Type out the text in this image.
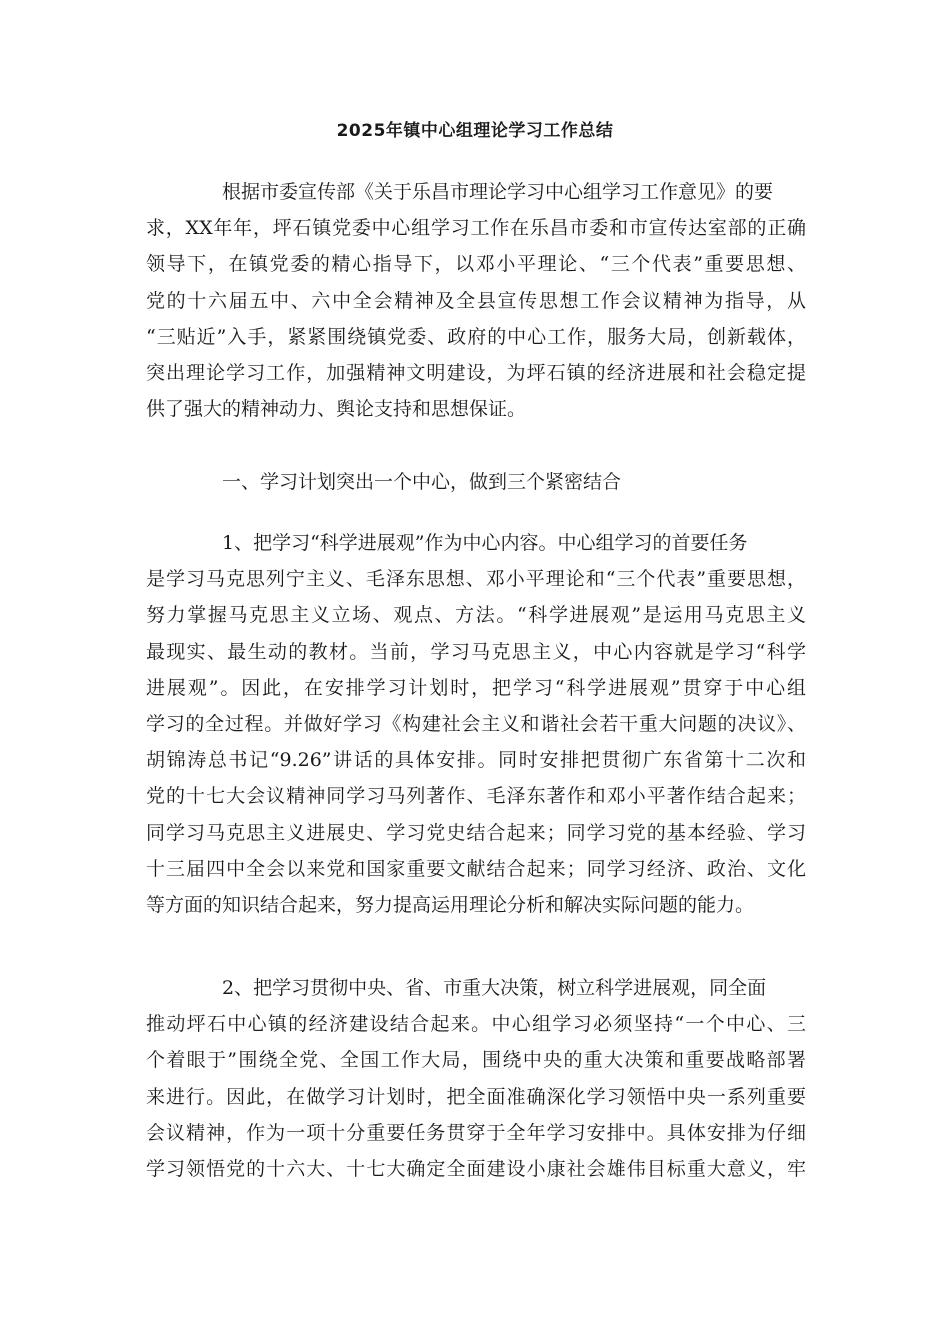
2025年镇中心组理论学习工作总结
根据市委宣传部《关于乐昌市理论学习中心组学习工作意见》的要
求，XX年年，坪石镇党委中心组学习工作在乐昌市委和市宣传达室部的正确
领导下，在镇党委的精心指导下，以邓小平理论、“三个代表”重要思想、
党的十六届五中、六中全会精神及全县宣传思想工作会议精神为指导，从
“三贴近”入手，紧紧围绕镇党委、政府的中心工作，服务大局，创新载体，
突出理论学习工作，加强精神文明建设，为坪石镇的经济进展和社会稳定提
供了强大的精神动力、舆论支持和思想保证。
一、学习计划突出一个中心，做到三个紧密结合
1、把学习“科学进展观”作为中心内容。中心组学习的首要任务
是学习马克思列宁主义、毛泽东思想、邓小平理论和“三个代表”重要思想，
努力掌握马克思主义立场、观点、方法。“科学进展观”是运用马克思主义
最现实、最生动的教材。当前，学习马克思主义，中心内容就是学习“科学
进展观”。因此，在安排学习计划时，把学习“科学进展观”贯穿于中心组
学习的全过程。并做好学习《构建社会主义和谐社会若干重大问题的决议》、
胡锦涛总书记“9.26”讲话的具体安排。同时安排把贯彻广东省第十二次和
党的十七大会议精神同学习马列著作、毛泽东著作和邓小平著作结合起来；
同学习马克思主义进展史、学习党史结合起来；同学习党的基本经验、学习
十三届四中全会以来党和国家重要文献结合起来；同学习经济、政治、文化
等方面的知识结合起来，努力提高运用理论分析和解决实际问题的能力。
2、把学习贯彻中央、省、市重大决策，树立科学进展观，同全面
推动坪石中心镇的经济建设结合起来。中心组学习必须坚持“一个中心、三
个着眼于”围绕全党、全国工作大局，围绕中央的重大决策和重要战略部署
来进行。因此，在做学习计划时，把全面准确深化学习领悟中央一系列重要
会议精神，作为一项十分重要任务贯穿于全年学习安排中。具体安排为仔细
学习领悟党的十六大、十七大确定全面建设小康社会雄伟目标重大意义，牢
